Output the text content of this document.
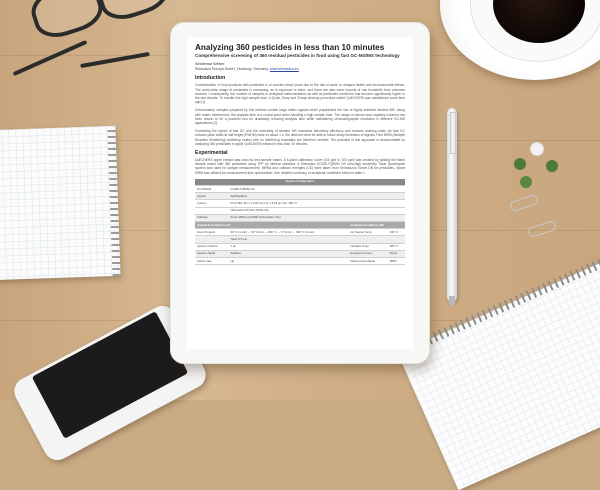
Analyzing 360 pesticides in less than 10 minutes
Comprehensive screening of 360 residual pesticides in food using fast GC-MS/MS technology
Woldemar Weber
Shimadzu Europa GmbH, Duisburg, Germany, www.shimadzu.eu
Introduction
Contamination of food products with pesticides is of concern since years due to the risk of acute or delayed health and environmental effects. The world-wide usage of pesticides is increasing, as is exposure to them, and there are also more imports of raw foodstuffs from unknown sources. Consequently, the number of samples in analytical instrumentation as well as pesticides monitored has become significantly higher in the last decade. To handle this high sample load, a Quick, Easy and Cheap cleanup procedure called QuEChERS was established some time ago [1].
Unfortunately, samples prepared by this method contain large matrix signals which popularized the use of highly selective tandem MS. Along with matrix interference, the analysis time is a crucial point when handling a high sample load. The usage of narrow bore capillary columns has been shown to be a powerful tool for drastically reducing analysis time while maintaining chromatographic resolution in different GC-MS applications [2].
Combining the speed of fast GC and the selectivity of tandem MS increases laboratory efficiency and reduces working costs. As fast GC reduces peak width at half height (FWHM) down to about 1 s, the detector must be able to follow sharp increases of signals. Fast MRM (Multiple Reaction Monitoring) switching modes with no interfering crosstalks are therefore needed. The potential of this approach is demonstrated by analyzing 360 pesticides in apple QuEChERS extract in less than 10 minutes.
Experimental
QuEChERS apple extract was used as test sample matrix. A 6-point calibration curve (0.5 ppb to 100 ppb) was created by spiking the blank sample matrix with 360 pesticides using TPP as internal standard. A Shimadzu GCMS-TQ8050 NX ultra-high sensitivity Triple Quadrupole system was used for sample measurement. MRMs and collision energies (CE) were taken from Shimadzu's Smart DB for pesticides. Smart MRM was utilized for measurement time optimization. See detailed summary of analytical conditions below in table 1.
System Configuration			
GC-MS/MS	GCMS-TQ8050 NX		
Injector	Split/Splitless		
Column	Rxi-5 MS, 20 m x 0.18 mm I.D. x 0.18 µm film, 300 °C		
	(Shimadzu P/N 221-75791-20)		
Software	Smart MRM and MRM Optimization Tool		
Analytical Conditions GC		Analytical Conditions MS	
Oven Program	60 °C (1 min) → 50 °C/min → 200 °C → 8 °C/min → 300 °C (2 min)	Ion Source Temp.	230 °C
	Total: 9.5 min		
Injection Volume	1 µL	Interface Temp.	280 °C
Injection Mode	Splitless	Emission Current	60 µA
Carrier Gas	He	Measurement Mode	MRM
